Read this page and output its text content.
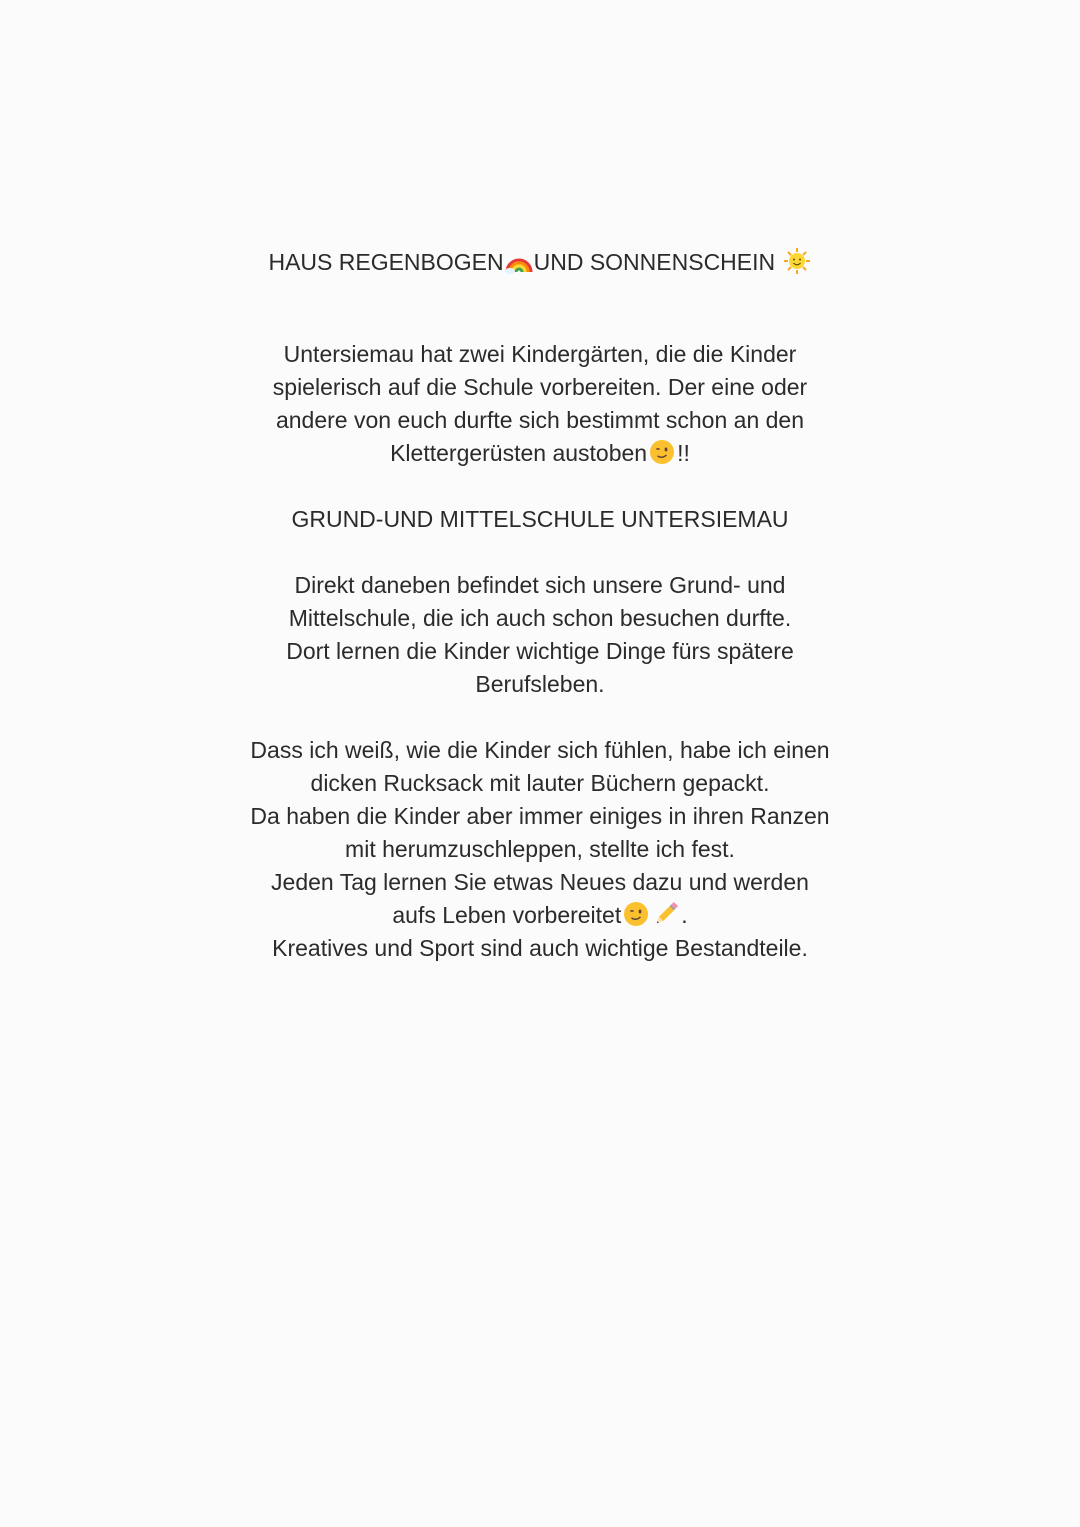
HAUS REGENBOGEN UND SONNENSCHEIN
Untersiemau hat zwei Kindergärten, die die Kinder
spielerisch auf die Schule vorbereiten. Der eine oder
andere von euch durfte sich bestimmt schon an den
Klettergerüsten austoben !!
GRUND-UND MITTELSCHULE UNTERSIEMAU
Direkt daneben befindet sich unsere Grund- und
Mittelschule, die ich auch schon besuchen durfte.
Dort lernen die Kinder wichtige Dinge fürs spätere
Berufsleben.
Dass ich weiß, wie die Kinder sich fühlen, habe ich einen
dicken Rucksack mit lauter Büchern gepackt.
Da haben die Kinder aber immer einiges in ihren Ranzen
mit herumzuschleppen, stellte ich fest.
Jeden Tag lernen Sie etwas Neues dazu und werden
aufs Leben vorbereitet	.
Kreatives und Sport sind auch wichtige Bestandteile.
